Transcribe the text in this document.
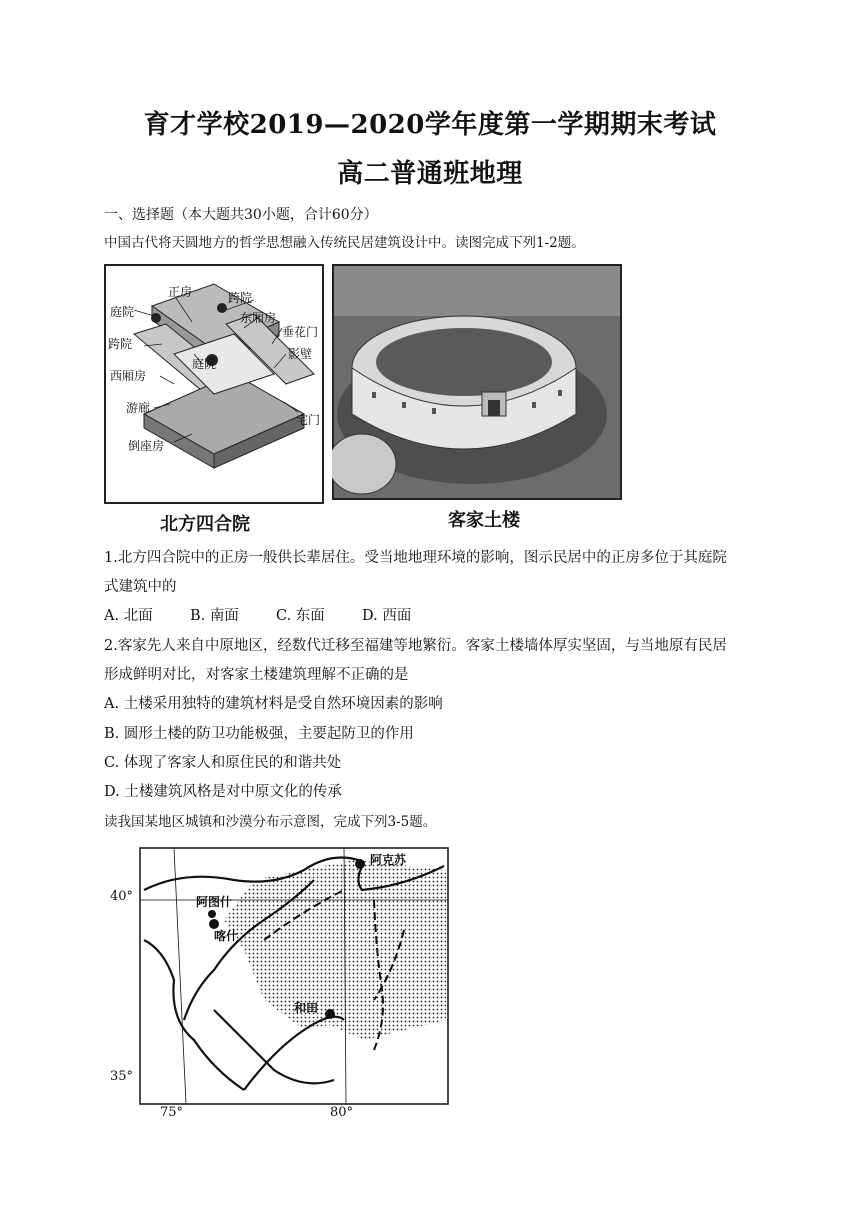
育才学校2019—2020学年度第一学期期末考试
高二普通班地理
一、选择题（本大题共30小题，合计60分）
中国古代将天圆地方的哲学思想融入传统民居建筑设计中。读图完成下列1-2题。
正房	跨院
庭院	东厢房
跨院
垂花门
庭院
影壁
西厢房
游廊
宅门
倒座房
北方四合院	客家土楼
1.北方四合院中的正房一般供长辈居住。受当地地理环境的影响，图示民居中的正房多位于其庭院
式建筑中的
A. 北面	B. 南面	C. 东面	D. 西面
2.客家先人来自中原地区，经数代迁移至福建等地繁衍。客家土楼墙体厚实坚固，与当地原有民居
形成鲜明对比，对客家土楼建筑理解不正确的是
A. 土楼采用独特的建筑材料是受自然环境因素的影响
B. 圆形土楼的防卫功能极强，主要起防卫的作用
C. 体现了客家人和原住民的和谐共处
D. 土楼建筑风格是对中原文化的传承
读我国某地区城镇和沙漠分布示意图，完成下列3-5题。
阿克苏
阿图什
喀什
和田
40°
35°
75°	80°
